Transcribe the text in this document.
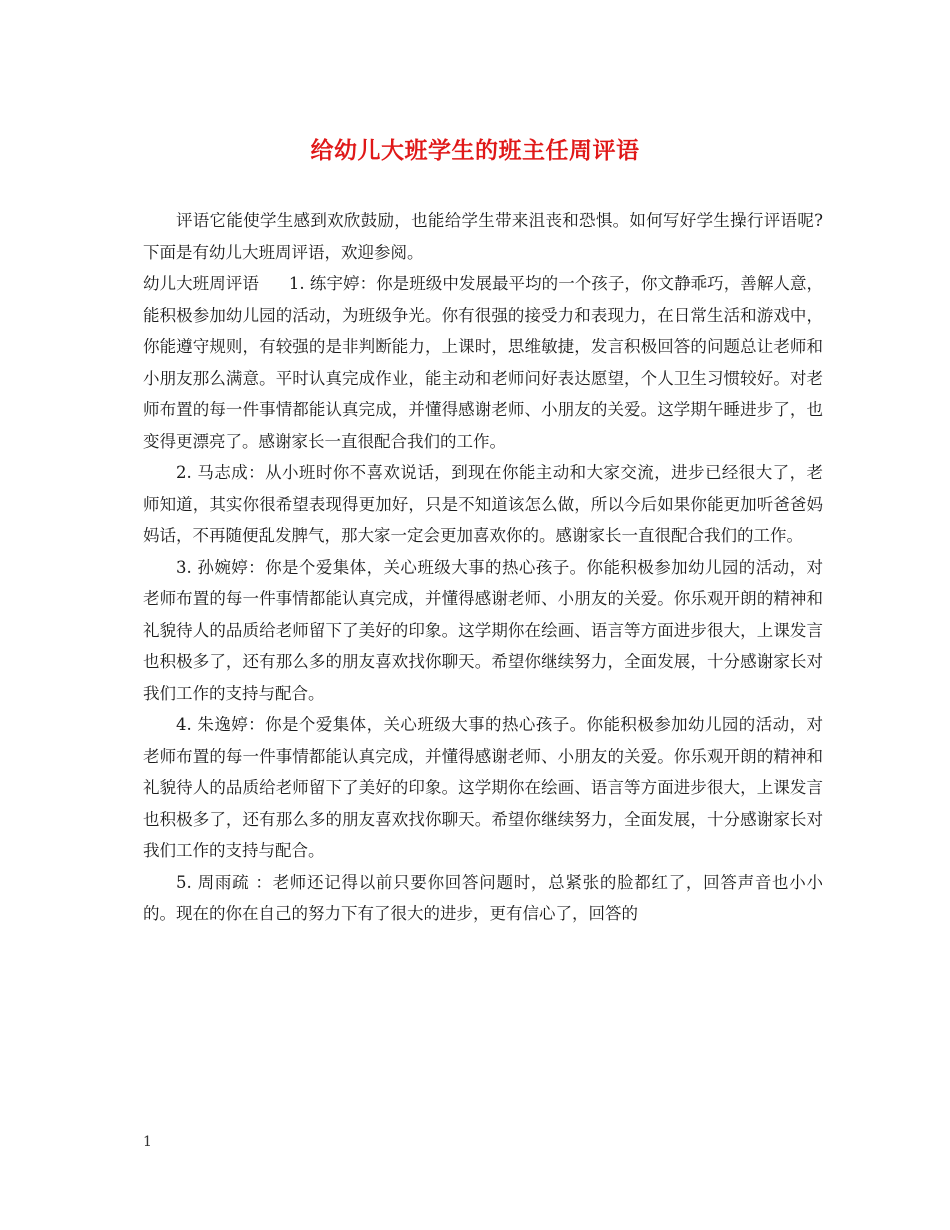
给幼儿大班学生的班主任周评语

评语它能使学生感到欢欣鼓励，也能给学生带来沮丧和恐惧。如何写好学生操行评语呢?下面是有幼儿大班周评语，欢迎参阅。

幼儿大班周评语 1. 练宇婷：你是班级中发展最平均的一个孩子，你文静乖巧，善解人意，能积极参加幼儿园的活动，为班级争光。你有很强的接受力和表现力，在日常生活和游戏中，你能遵守规则，有较强的是非判断能力，上课时，思维敏捷，发言积极回答的问题总让老师和小朋友那么满意。平时认真完成作业，能主动和老师问好表达愿望，个人卫生习惯较好。对老师布置的每一件事情都能认真完成，并懂得感谢老师、小朋友的关爱。这学期午睡进步了，也变得更漂亮了。感谢家长一直很配合我们的工作。

2. 马志成：从小班时你不喜欢说话，到现在你能主动和大家交流，进步已经很大了，老师知道，其实你很希望表现得更加好，只是不知道该怎么做，所以今后如果你能更加听爸爸妈妈话，不再随便乱发脾气，那大家一定会更加喜欢你的。感谢家长一直很配合我们的工作。

3. 孙婉婷：你是个爱集体，关心班级大事的热心孩子。你能积极参加幼儿园的活动，对老师布置的每一件事情都能认真完成，并懂得感谢老师、小朋友的关爱。你乐观开朗的精神和礼貌待人的品质给老师留下了美好的印象。这学期你在绘画、语言等方面进步很大，上课发言也积极多了，还有那么多的朋友喜欢找你聊天。希望你继续努力，全面发展，十分感谢家长对我们工作的支持与配合。

4. 朱逸婷：你是个爱集体，关心班级大事的热心孩子。你能积极参加幼儿园的活动，对老师布置的每一件事情都能认真完成，并懂得感谢老师、小朋友的关爱。你乐观开朗的精神和礼貌待人的品质给老师留下了美好的印象。这学期你在绘画、语言等方面进步很大，上课发言也积极多了，还有那么多的朋友喜欢找你聊天。希望你继续努力，全面发展，十分感谢家长对我们工作的支持与配合。

5. 周雨疏 ：老师还记得以前只要你回答问题时，总紧张的脸都红了，回答声音也小小的。现在的你在自己的努力下有了很大的进步，更有信心了，回答的

1
